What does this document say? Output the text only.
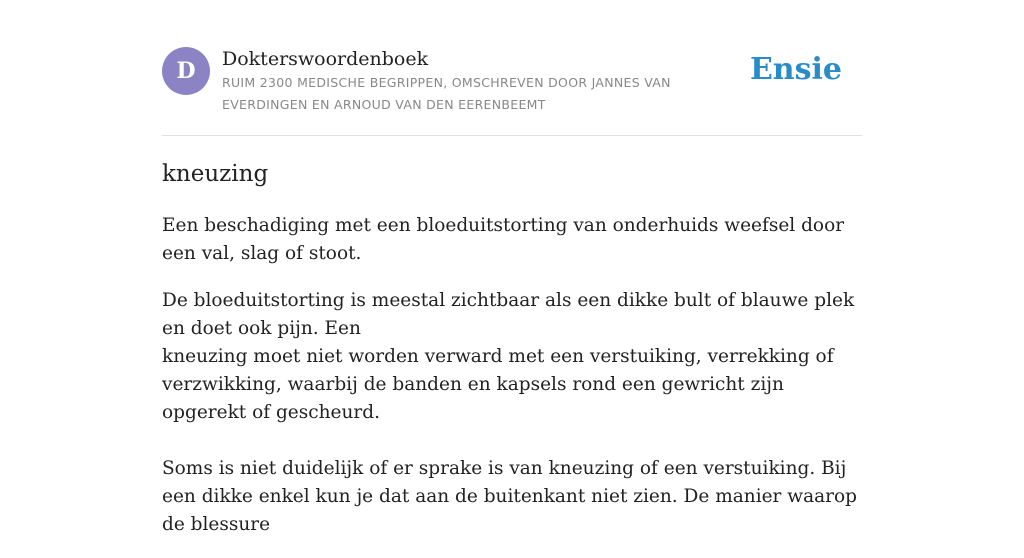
D	Dokterswoordenboek
RUIM 2300 MEDISCHE BEGRIPPEN, OMSCHREVEN DOOR JANNES VAN EVERDINGEN EN ARNOUD VAN DEN EERENBEEMT
Ensie
kneuzing

Een beschadiging met een bloeduitstorting van onderhuids weefsel door een val, slag of stoot.

De bloeduitstorting is meestal zichtbaar als een dikke bult of blauwe plek en doet ook pijn. Een
kneuzing moet niet worden verward met een verstuiking, verrekking of verzwikking, waarbij de banden en kapsels rond een gewricht zijn opgerekt of gescheurd.

Soms is niet duidelijk of er sprake is van kneuzing of een verstuiking. Bij een dikke enkel kun je dat aan de buitenkant niet zien. De manier waarop de blessure
